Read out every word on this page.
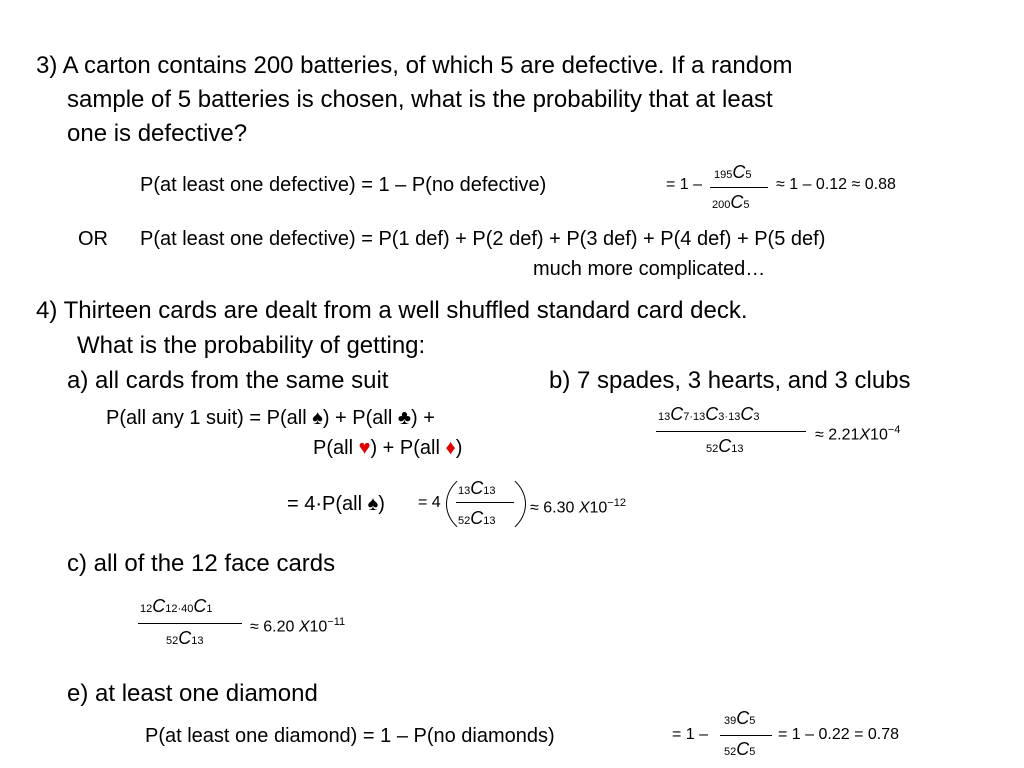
3) A carton contains 200 batteries, of which 5 are defective. If a random
sample of 5 batteries is chosen, what is the probability that at least
one is defective?
P(at least one defective) = 1 – P(no defective)	= 1 –
195C5
200C5
≈ 1 – 0.12 ≈ 0.88
OR P(at least one defective) = P(1 def) + P(2 def) + P(3 def) + P(4 def) + P(5 def)
much more complicated…
4) Thirteen cards are dealt from a well shuffled standard card deck.
What is the probability of getting:
a) all cards from the same suit	b) 7 spades, 3 hearts, and 3 clubs
P(all any 1 suit) = P(all ♠) + P(all ♣) +
P(all ♥) + P(all ♦)
= 4·P(all ♠) = 4
13C13
52C13
≈ 6.30 $X10^{-12}$
13C7·13C3·13C3
52C13
≈ $2.21X10^{-4}$
c) all of the 12 face cards
12C12·40C1
52C13
≈ 6.20 $X10^{-11}$
e) at least one diamond
P(at least one diamond) = 1 – P(no diamonds)	= 1 –
39C5
52C5
= 1 – 0.22 = 0.78
